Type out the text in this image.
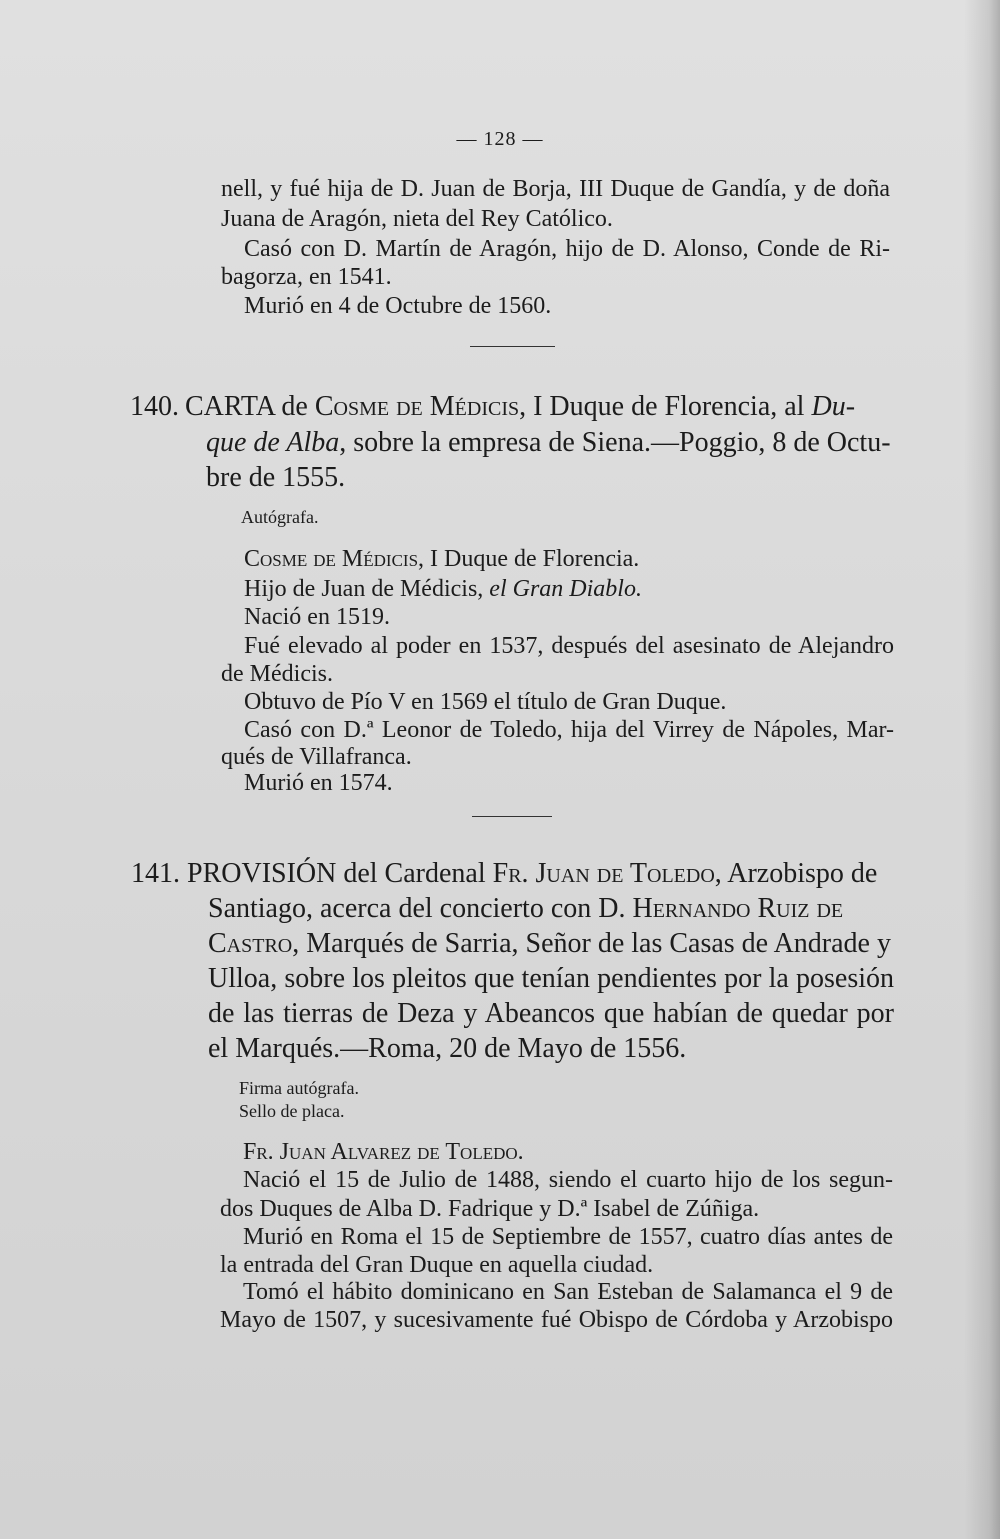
— 128 —
nell, y fué hija de D. Juan de Borja, III Duque de Gandía, y de doña
Juana de Aragón, nieta del Rey Católico.
Casó con D. Martín de Aragón, hijo de D. Alonso, Conde de Ri-
bagorza, en 1541.
Murió en 4 de Octubre de 1560.
140. CARTA de Cosme de Médicis, I Duque de Florencia, al Du-
que de Alba, sobre la empresa de Siena.—Poggio, 8 de Octu-
bre de 1555.
Autógrafa.
Cosme de Médicis, I Duque de Florencia.
Hijo de Juan de Médicis, el Gran Diablo.
Nació en 1519.
Fué elevado al poder en 1537, después del asesinato de Alejandro
de Médicis.
Obtuvo de Pío V en 1569 el título de Gran Duque.
Casó con D.ª Leonor de Toledo, hija del Virrey de Nápoles, Mar-
qués de Villafranca.
Murió en 1574.
141. PROVISIÓN del Cardenal Fr. Juan de Toledo, Arzobispo de
Santiago, acerca del concierto con D. Hernando Ruiz de
Castro, Marqués de Sarria, Señor de las Casas de Andrade y
Ulloa, sobre los pleitos que tenían pendientes por la posesión
de las tierras de Deza y Abeancos que habían de quedar por
el Marqués.—Roma, 20 de Mayo de 1556.
Firma autógrafa.
Sello de placa.
Fr. Juan Alvarez de Toledo.
Nació el 15 de Julio de 1488, siendo el cuarto hijo de los segun-
dos Duques de Alba D. Fadrique y D.ª Isabel de Zúñiga.
Murió en Roma el 15 de Septiembre de 1557, cuatro días antes de
la entrada del Gran Duque en aquella ciudad.
Tomó el hábito dominicano en San Esteban de Salamanca el 9 de
Mayo de 1507, y sucesivamente fué Obispo de Córdoba y Arzobispo
